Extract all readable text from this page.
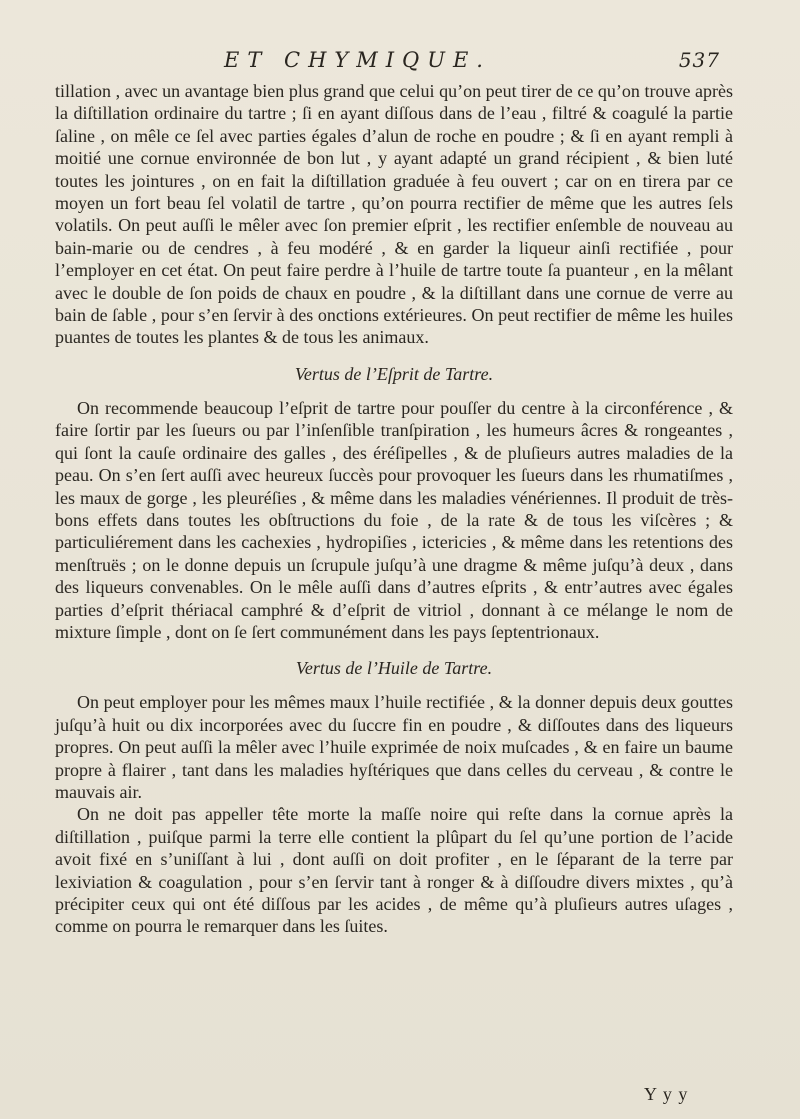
ET CHYMIQUE.	537

tillation , avec un avantage bien plus grand que celui qu’on peut tirer de ce qu’on trouve après la diſtillation ordinaire du tartre ; ſi en ayant diſſous dans de l’eau , filtré & coagulé la partie ſaline , on mêle ce ſel avec parties égales d’alun de roche en poudre ; & ſi en ayant rempli à moitié une cornue environnée de bon lut , y ayant adapté un grand récipient , & bien luté toutes les jointures , on en fait la diſtillation graduée à feu ouvert ; car on en tirera par ce moyen un fort beau ſel volatil de tartre , qu’on pourra rectifier de même que les autres ſels volatils. On peut auſſi le mêler avec ſon premier eſprit , les rectifier enſemble de nouveau au bain-marie ou de cendres , à feu modéré , & en garder la liqueur ainſi rectifiée , pour l’employer en cet état. On peut faire perdre à l’huile de tartre toute ſa puanteur , en la mêlant avec le double de ſon poids de chaux en poudre , & la diſtillant dans une cornue de verre au bain de ſable , pour s’en ſervir à des onctions extérieures. On peut rectifier de même les huiles puantes de toutes les plantes & de tous les animaux.

Vertus de l’Eſprit de Tartre.

On recommende beaucoup l’eſprit de tartre pour pouſſer du centre à la circonférence , & faire ſortir par les ſueurs ou par l’inſenſible tranſpiration , les humeurs âcres & rongeantes , qui ſont la cauſe ordinaire des galles , des éréſipelles , & de pluſieurs autres maladies de la peau. On s’en ſert auſſi avec heureux ſuccès pour provoquer les ſueurs dans les rhumatiſmes , les maux de gorge , les pleuréſies , & même dans les maladies vénériennes. Il produit de très-bons effets dans toutes les obſtructions du foie , de la rate & de tous les viſcères ; & particuliérement dans les cachexies , hydropiſies , ictericies , & même dans les retentions des menſtruës ; on le donne depuis un ſcrupule juſqu’à une dragme & même juſqu’à deux , dans des liqueurs convenables. On le mêle auſſi dans d’autres eſprits , & entr’autres avec égales parties d’eſprit thériacal camphré & d’eſprit de vitriol , donnant à ce mélange le nom de mixture ſimple , dont on ſe ſert communément dans les pays ſeptentrionaux.

Vertus de l’Huile de Tartre.

On peut employer pour les mêmes maux l’huile rectifiée , & la donner depuis deux gouttes juſqu’à huit ou dix incorporées avec du ſuccre fin en poudre , & diſſoutes dans des liqueurs propres. On peut auſſi la mêler avec l’huile exprimée de noix muſcades , & en faire un baume propre à flairer , tant dans les maladies hyſtériques que dans celles du cerveau , & contre le mauvais air.

On ne doit pas appeller tête morte la maſſe noire qui reſte dans la cornue après la diſtillation , puiſque parmi la terre elle contient la plûpart du ſel qu’une portion de l’acide avoit fixé en s’uniſſant à lui , dont auſſi on doit profiter , en le ſéparant de la terre par lexiviation & coagulation , pour s’en ſervir tant à ronger & à diſſoudre divers mixtes , qu’à précipiter ceux qui ont été diſſous par les acides , de même qu’à pluſieurs autres uſages , comme on pourra le remarquer dans les ſuites.

Y y y
